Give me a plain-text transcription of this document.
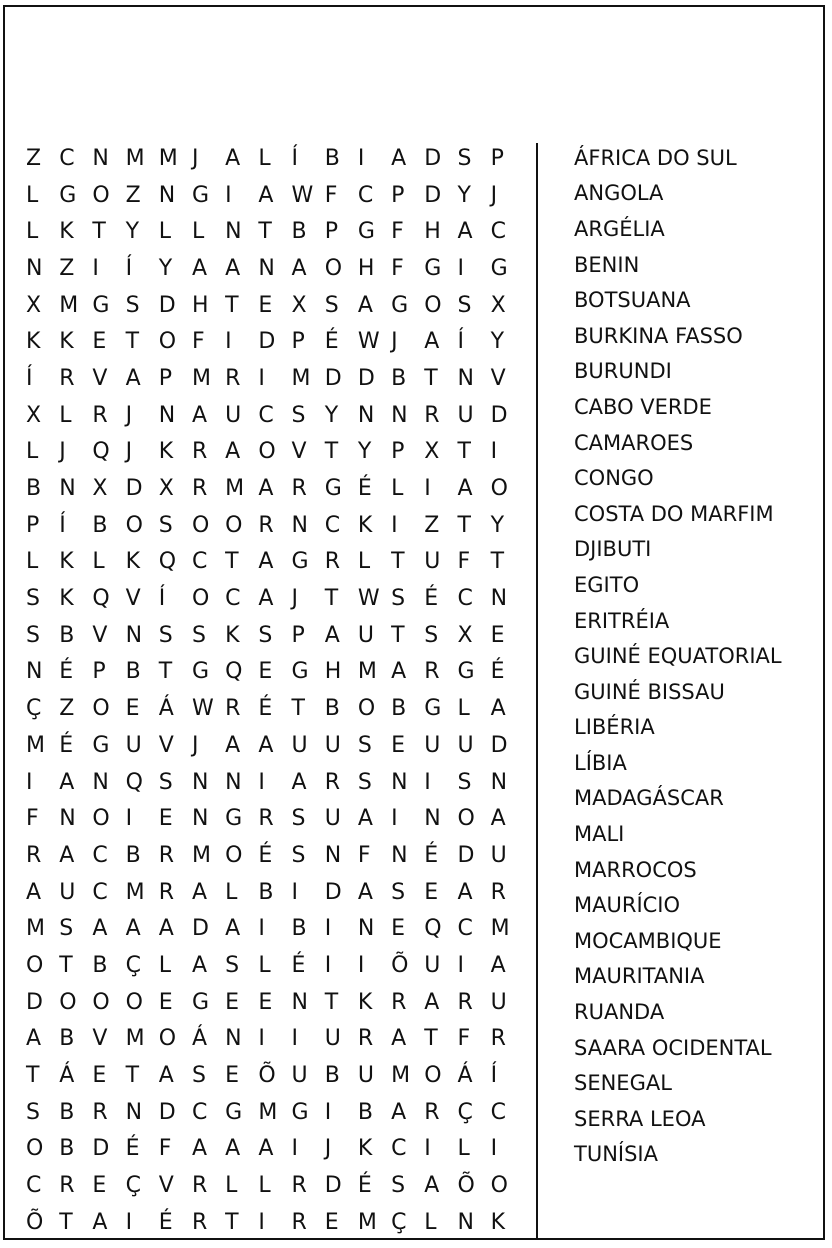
Z C N M M J	A L Í	B I	A D S P
L G O Z N G I	A W F C P D Y J
L K T Y L L N T B P G F H A C
N Z I	Í	Y A A N A O H F G I	G
X M G S D H T E X S A G O S X
K K E T O F I	D P É W J	A Í	Y
Í	R V A P M R I	M D D B T N V
X L R J	N A U C S Y N N R U D
L J	Q J	K R A O V T Y P X T I
B N X D X R M A R G É L I	A O
P Í	B O S O O R N C K I	Z T Y
L K L K Q C T A G R L T U F T
S K Q V Í	O C A J	T W S É C N
S B V N S S K S P A U T S X E
N É P B T G Q E G H M A R G É
Ç Z O E Á W R É T B O B G L A
M É G U V J	A A U U S E U U D
I	A N Q S N N I	A R S N I	S N
F N O I	E N G R S U A I	N O A
R A C B R M O É S N F N É D U
A U C M R A L B I	D A S E A R
M S A A A D A I	B I	N E Q C M
O T B Ç L A S L É I	I	Õ U I	A
D O O O E G E E N T K R A R U
A B V M O Á N I	I	U R A T F R
T Á E T A S E Õ U B U M O Á Í
S B R N D C G M G I	B A R Ç C
O B D É F A A A I	J	K C I	L I
C R E Ç V R L L R D É S A Õ O
Õ T A I	É R T I	R E M Ç L N K
ÁFRICA DO SUL
ANGOLA
ARGÉLIA
BENIN
BOTSUANA
BURKINA FASSO
BURUNDI
CABO VERDE
CAMAROES
CONGO
COSTA DO MARFIM
DJIBUTI
EGITO
ERITRÉIA
GUINÉ EQUATORIAL
GUINÉ BISSAU
LIBÉRIA
LÍBIA
MADAGÁSCAR
MALI
MARROCOS
MAURÍCIO
MOCAMBIQUE
MAURITANIA
RUANDA
SAARA OCIDENTAL
SENEGAL
SERRA LEOA
TUNÍSIA
